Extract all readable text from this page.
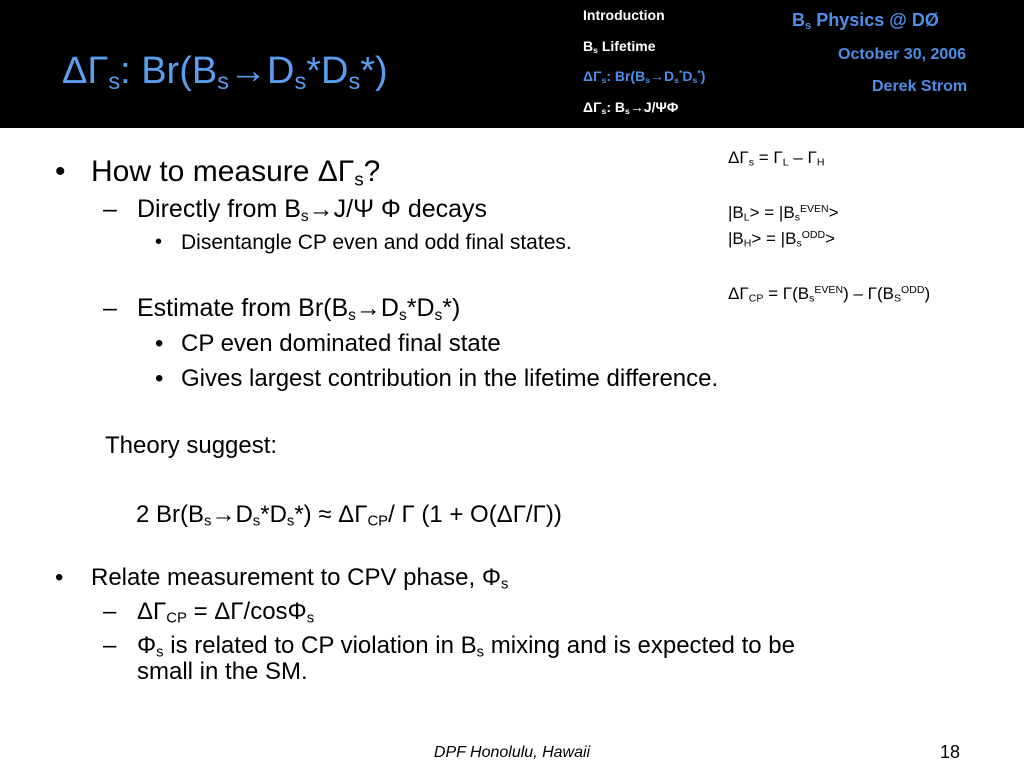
$\Delta\Gamma_s$: $Br(B_s\to D_s*D_s*)$
Introduction
$B_s$ Lifetime
$\Delta\Gamma_s$: $Br(B_s\to D_s^*D_s^*)$
$\Delta\Gamma_s$: $B_s\to J/\Psi\Phi$
$B_s$ Physics @ DØ
October 30, 2006
Derek Strom
• How to measure $\Delta\Gamma_s$?
– Directly from $B_s\to J/\Psi$ Φ decays
• Disentangle CP even and odd final states.
– Estimate from $Br(B_s\to D_s*D_s*)$
• CP even dominated final state
• Gives largest contribution in the lifetime difference.
Theory suggest:
2 $Br(B_s\to D_s*D_s*) \approx \Delta\Gamma_{CP}/$ Γ (1 + O(ΔΓ/Γ))
• Relate measurement to CPV phase, $\Phi_s$
– $\Delta\Gamma_{CP} = \Delta\Gamma/\cos\Phi_s$
– $\Phi_s$ is related to CP violation in $B_s$ mixing and is expected to be
small in the SM.
$\Delta\Gamma_s = \Gamma_L - \Gamma_H$
$|B_L> = |B_s^{EVEN}>$
$|B_H> = |B_s^{ODD}>$
$\Delta\Gamma_{CP} = \Gamma(B_s^{EVEN}) - \Gamma(B_S^{ODD})$
DPF Honolulu, Hawaii	18
